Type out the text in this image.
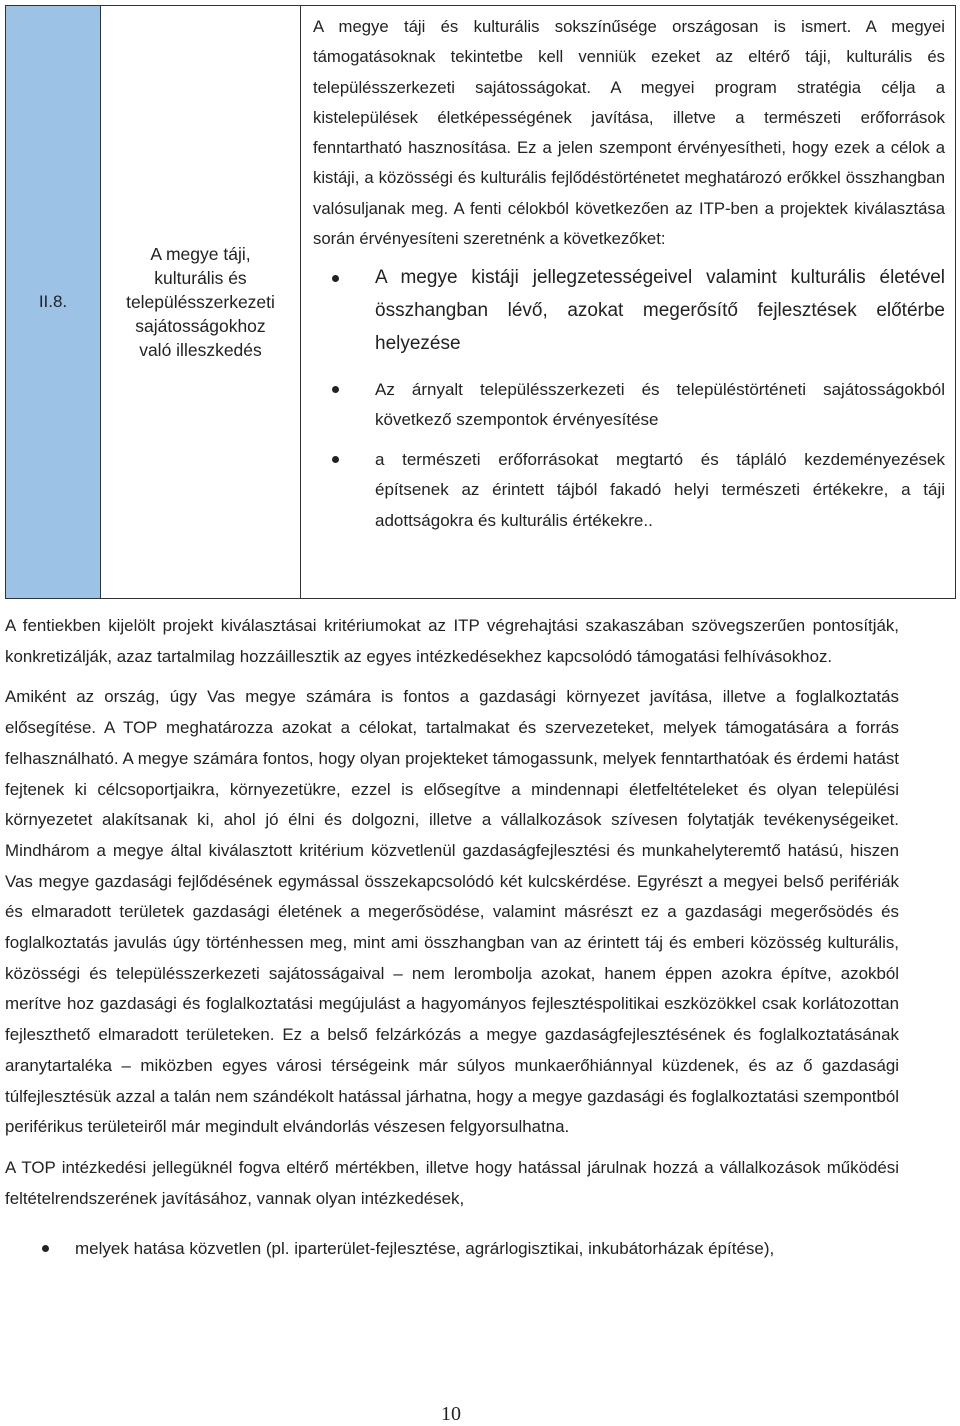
II.8.
A megye táji,
kulturális és
településszerkezeti
sajátosságokhoz
való illeszkedés

A megye táji és kulturális sokszínűsége országosan is ismert. A megyei támogatásoknak tekintetbe kell venniük ezeket az eltérő táji, kulturális és településszerkezeti sajátosságokat. A megyei program stratégia célja a kistelepülések életképességének javítása, illetve a természeti erőforrások fenntartható hasznosítása. Ez a jelen szempont érvényesítheti, hogy ezek a célok a kistáji, a közösségi és kulturális fejlődéstörténetet meghatározó erőkkel összhangban valósuljanak meg. A fenti célokból következően az ITP-ben a projektek kiválasztása során érvényesíteni szeretnénk a következőket:

A megye kistáji jellegzetességeivel valamint kulturális életével összhangban lévő, azokat megerősítő fejlesztések előtérbe helyezése
Az árnyalt településszerkezeti és településtörténeti sajátosságokból következő szempontok érvényesítése
a természeti erőforrásokat megtartó és tápláló kezdeményezések építsenek az érintett tájból fakadó helyi természeti értékekre, a táji adottságokra és kulturális értékekre..

A fentiekben kijelölt projekt kiválasztásai kritériumokat az ITP végrehajtási szakaszában szövegszerűen pontosítják, konkretizálják, azaz tartalmilag hozzáillesztik az egyes intézkedésekhez kapcsolódó támogatási felhívásokhoz.

Amiként az ország, úgy Vas megye számára is fontos a gazdasági környezet javítása, illetve a foglalkoztatás elősegítése. A TOP meghatározza azokat a célokat, tartalmakat és szervezeteket, melyek támogatására a forrás felhasználható. A megye számára fontos, hogy olyan projekteket támogassunk, melyek fenntarthatóak és érdemi hatást fejtenek ki célcsoportjaikra, környezetükre, ezzel is elősegítve a mindennapi életfeltételeket és olyan települési környezetet alakítsanak ki, ahol jó élni és dolgozni, illetve a vállalkozások szívesen folytatják tevékenységeiket. Mindhárom a megye által kiválasztott kritérium közvetlenül gazdaságfejlesztési és munkahelyteremtő hatású, hiszen Vas megye gazdasági fejlődésének egymással összekapcsolódó két kulcskérdése. Egyrészt a megyei belső perifériák és elmaradott területek gazdasági életének a megerősödése, valamint másrészt ez a gazdasági megerősödés és foglalkoztatás javulás úgy történhessen meg, mint ami összhangban van az érintett táj és emberi közösség kulturális, közösségi és településszerkezeti sajátosságaival – nem lerombolja azokat, hanem éppen azokra építve, azokból merítve hoz gazdasági és foglalkoztatási megújulást a hagyományos fejlesztéspolitikai eszközökkel csak korlátozottan fejleszthető elmaradott területeken. Ez a belső felzárkózás a megye gazdaságfejlesztésének és foglalkoztatásának aranytartaléka – miközben egyes városi térségeink már súlyos munkaerőhiánnyal küzdenek, és az ő gazdasági túlfejlesztésük azzal a talán nem szándékolt hatással járhatna, hogy a megye gazdasági és foglalkoztatási szempontból periférikus területeiről már megindult elvándorlás vészesen felgyorsulhatna.

A TOP intézkedési jellegüknél fogva eltérő mértékben, illetve hogy hatással járulnak hozzá a vállalkozások működési feltételrendszerének javításához, vannak olyan intézkedések,

melyek hatása közvetlen (pl. iparterület-fejlesztése, agrárlogisztikai, inkubátorházak építése),
10
